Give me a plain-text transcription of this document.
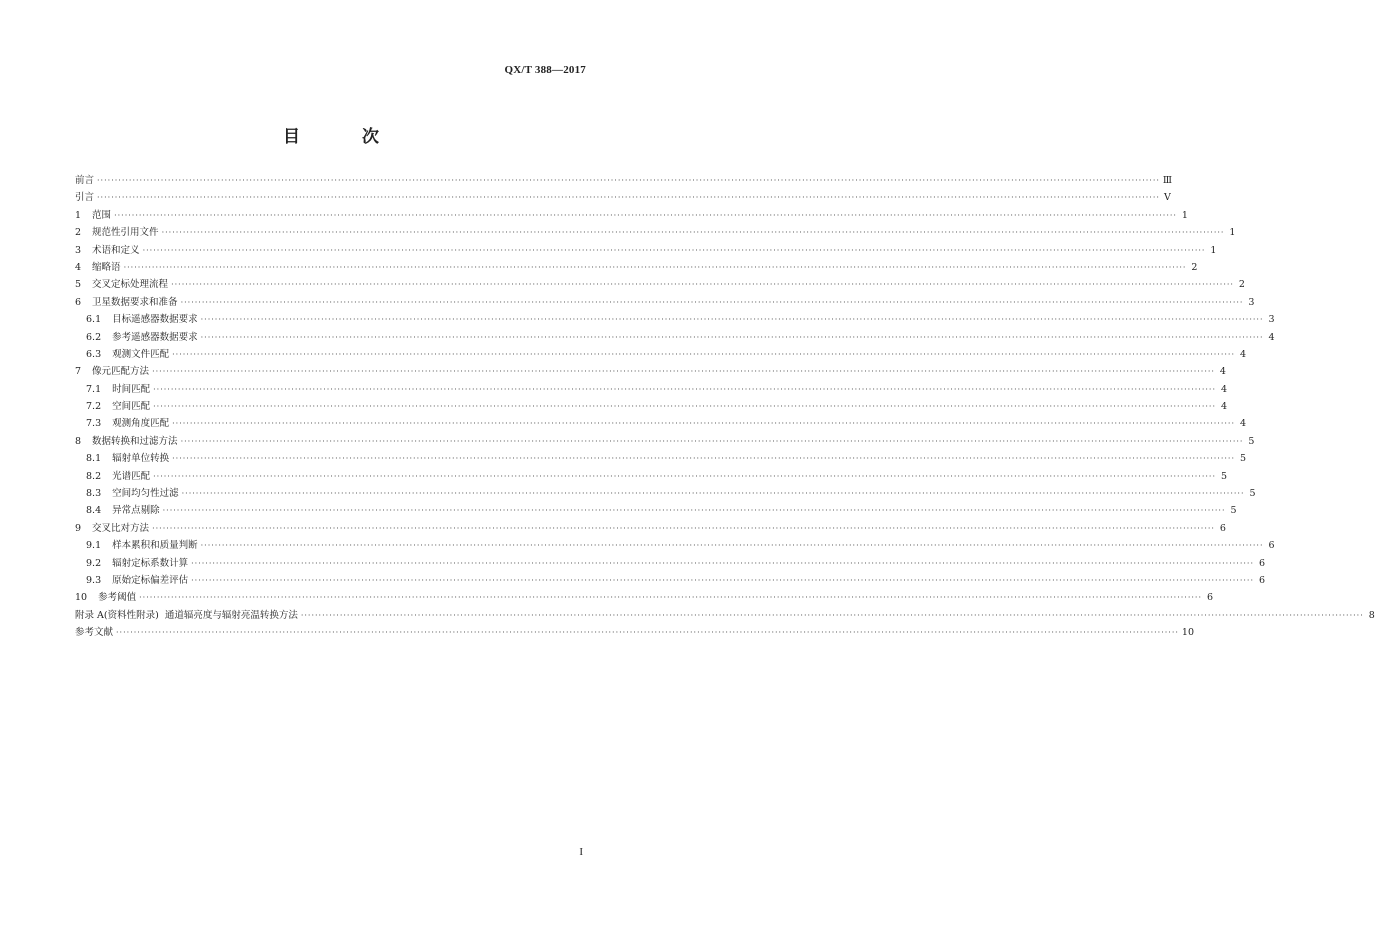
QX/T 388—2017
目 次
前言 ············································································································································································································································································································ Ⅲ
引言 ············································································································································································································································································································ Ⅴ
1 范围 ············································································································································································································································································································ 1
2 规范性引用文件 ············································································································································································································································································································ 1
3 术语和定义 ············································································································································································································································································································ 1
4 缩略语 ············································································································································································································································································································ 2
5 交叉定标处理流程 ············································································································································································································································································································ 2
6 卫星数据要求和准备 ············································································································································································································································································································ 3
6.1 目标遥感器数据要求 ············································································································································································································································································································ 3
6.2 参考遥感器数据要求 ············································································································································································································································································································ 4
6.3 观测文件匹配 ············································································································································································································································································································ 4
7 像元匹配方法 ············································································································································································································································································································ 4
7.1 时间匹配 ············································································································································································································································································································ 4
7.2 空间匹配 ············································································································································································································································································································ 4
7.3 观测角度匹配 ············································································································································································································································································································ 4
8 数据转换和过滤方法 ············································································································································································································································································································ 5
8.1 辐射单位转换 ············································································································································································································································································································ 5
8.2 光谱匹配 ············································································································································································································································································································ 5
8.3 空间均匀性过滤 ············································································································································································································································································································ 5
8.4 异常点剔除 ············································································································································································································································································································ 5
9 交叉比对方法 ············································································································································································································································································································ 6
9.1 样本累积和质量判断 ············································································································································································································································································································ 6
9.2 辐射定标系数计算 ············································································································································································································································································································ 6
9.3 原始定标偏差评估 ············································································································································································································································································································ 6
10 参考阈值 ············································································································································································································································································································ 6
附录 A(资料性附录)  通道辐亮度与辐射亮温转换方法 ············································································································································································································································································································ 8
参考文献 ············································································································································································································································································································ 10
I
